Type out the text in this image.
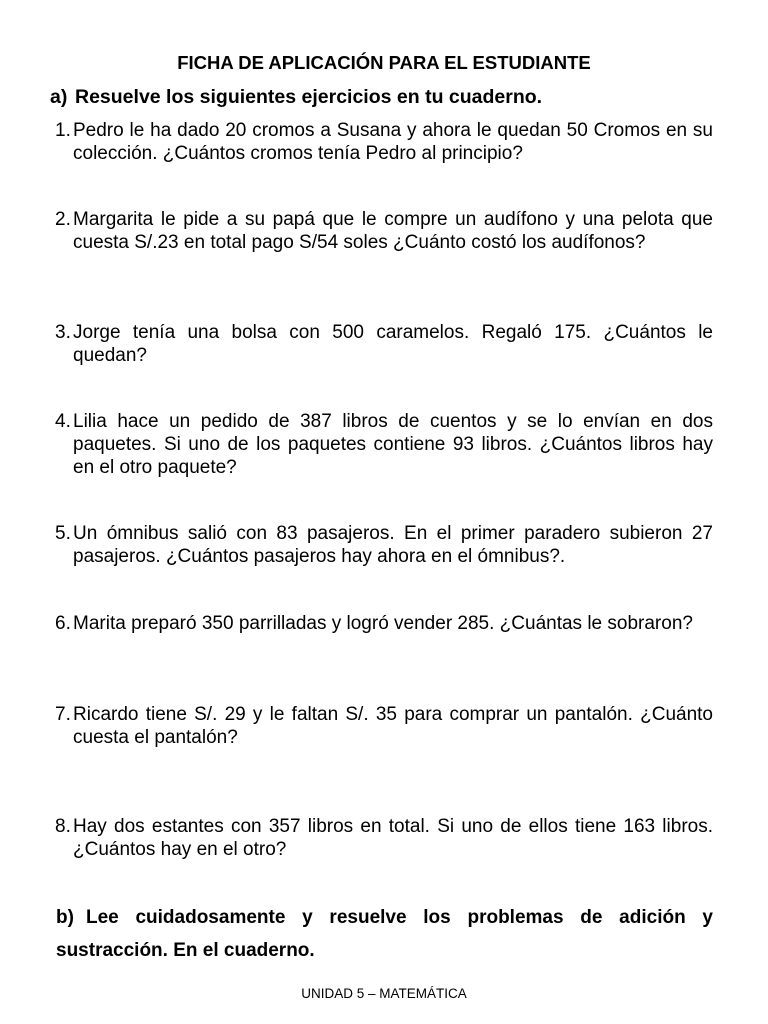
FICHA DE APLICACIÓN PARA EL ESTUDIANTE
a) Resuelve los siguientes ejercicios en tu cuaderno.
1. Pedro le ha dado 20 cromos a Susana y ahora le quedan 50 Cromos en su colección. ¿Cuántos cromos tenía Pedro al principio?
2. Margarita le pide a su papá que le compre un audífono y una pelota que cuesta S/.23 en total pago S/54 soles ¿Cuánto costó los audífonos?
3. Jorge tenía una bolsa con 500 caramelos. Regaló 175. ¿Cuántos le quedan?
4. Lilia hace un pedido de 387 libros de cuentos y se lo envían en dos paquetes. Si uno de los paquetes contiene 93 libros. ¿Cuántos libros hay en el otro paquete?
5. Un ómnibus salió con 83 pasajeros. En el primer paradero subieron 27 pasajeros. ¿Cuántos pasajeros hay ahora en el ómnibus?.
6. Marita preparó 350 parrilladas y logró vender 285. ¿Cuántas le sobraron?
7. Ricardo tiene S/. 29 y le faltan S/. 35 para comprar un pantalón. ¿Cuánto cuesta el pantalón?
8. Hay dos estantes con 357 libros en total. Si uno de ellos tiene 163 libros. ¿Cuántos hay en el otro?
b) Lee cuidadosamente y resuelve los problemas de adición y sustracción. En el cuaderno.
UNIDAD 5 – MATEMÁTICA
